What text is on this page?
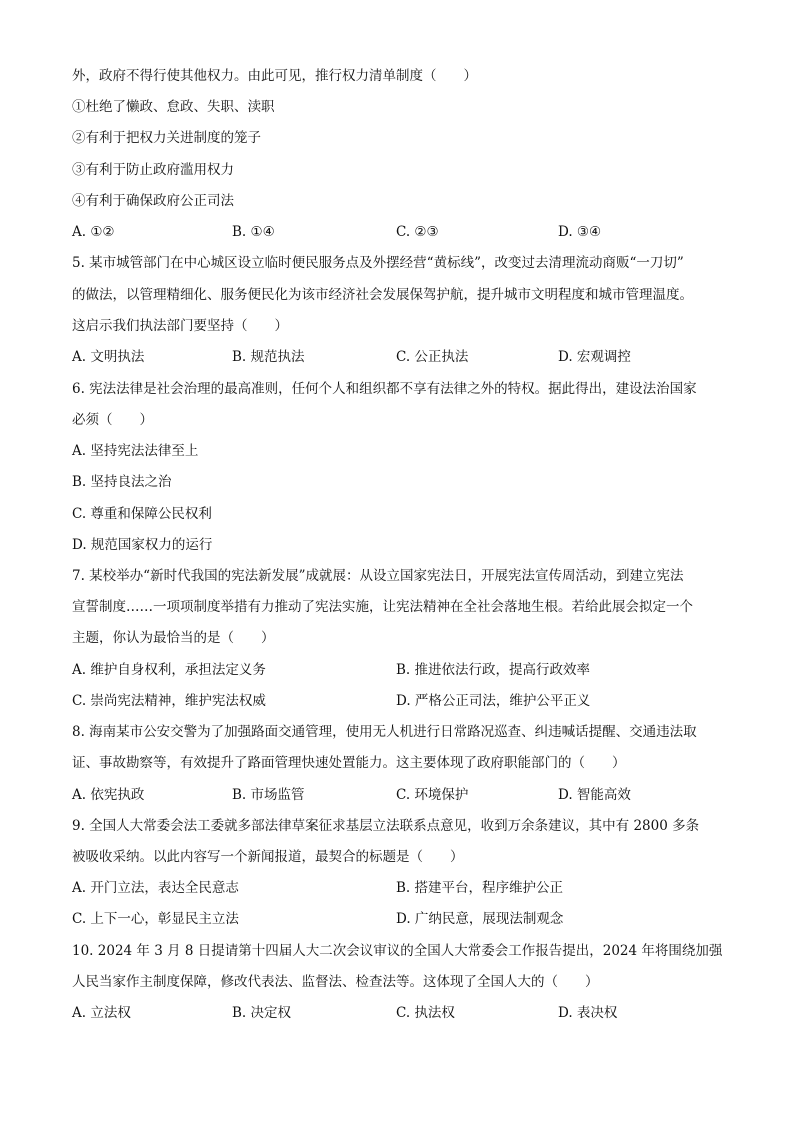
外，政府不得行使其他权力。由此可见，推行权力清单制度（　　）
①杜绝了懒政、怠政、失职、渎职
②有利于把权力关进制度的笼子
③有利于防止政府滥用权力
④有利于确保政府公正司法
A. ①②	B. ①④	C. ②③	D. ③④
5. 某市城管部门在中心城区设立临时便民服务点及外摆经营“黄标线”，改变过去清理流动商贩“一刀切”
的做法，以管理精细化、服务便民化为该市经济社会发展保驾护航，提升城市文明程度和城市管理温度。
这启示我们执法部门要坚持（　　）
A. 文明执法	B. 规范执法	C. 公正执法	D. 宏观调控
6. 宪法法律是社会治理的最高准则，任何个人和组织都不享有法律之外的特权。据此得出，建设法治国家
必须（　　）
A. 坚持宪法法律至上
B. 坚持良法之治
C. 尊重和保障公民权利
D. 规范国家权力的运行
7. 某校举办“新时代我国的宪法新发展”成就展：从设立国家宪法日，开展宪法宣传周活动，到建立宪法
宣誓制度……一项项制度举措有力推动了宪法实施，让宪法精神在全社会落地生根。若给此展会拟定一个
主题，你认为最恰当的是（　　）
A. 维护自身权利，承担法定义务	B. 推进依法行政，提高行政效率
C. 崇尚宪法精神，维护宪法权威	D. 严格公正司法，维护公平正义
8. 海南某市公安交警为了加强路面交通管理，使用无人机进行日常路况巡查、纠违喊话提醒、交通违法取
证、事故勘察等，有效提升了路面管理快速处置能力。这主要体现了政府职能部门的（　　）
A. 依宪执政	B. 市场监管	C. 环境保护	D. 智能高效
9. 全国人大常委会法工委就多部法律草案征求基层立法联系点意见，收到万余条建议，其中有 2800 多条
被吸收采纳。以此内容写一个新闻报道，最契合的标题是（　　）
A. 开门立法，表达全民意志	B. 搭建平台，程序维护公正
C. 上下一心，彰显民主立法	D. 广纳民意，展现法制观念
10. 2024 年 3 月 8 日提请第十四届人大二次会议审议的全国人大常委会工作报告提出，2024 年将围绕加强
人民当家作主制度保障，修改代表法、监督法、检查法等。这体现了全国人大的（　　）
A. 立法权	B. 决定权	C. 执法权	D. 表决权
